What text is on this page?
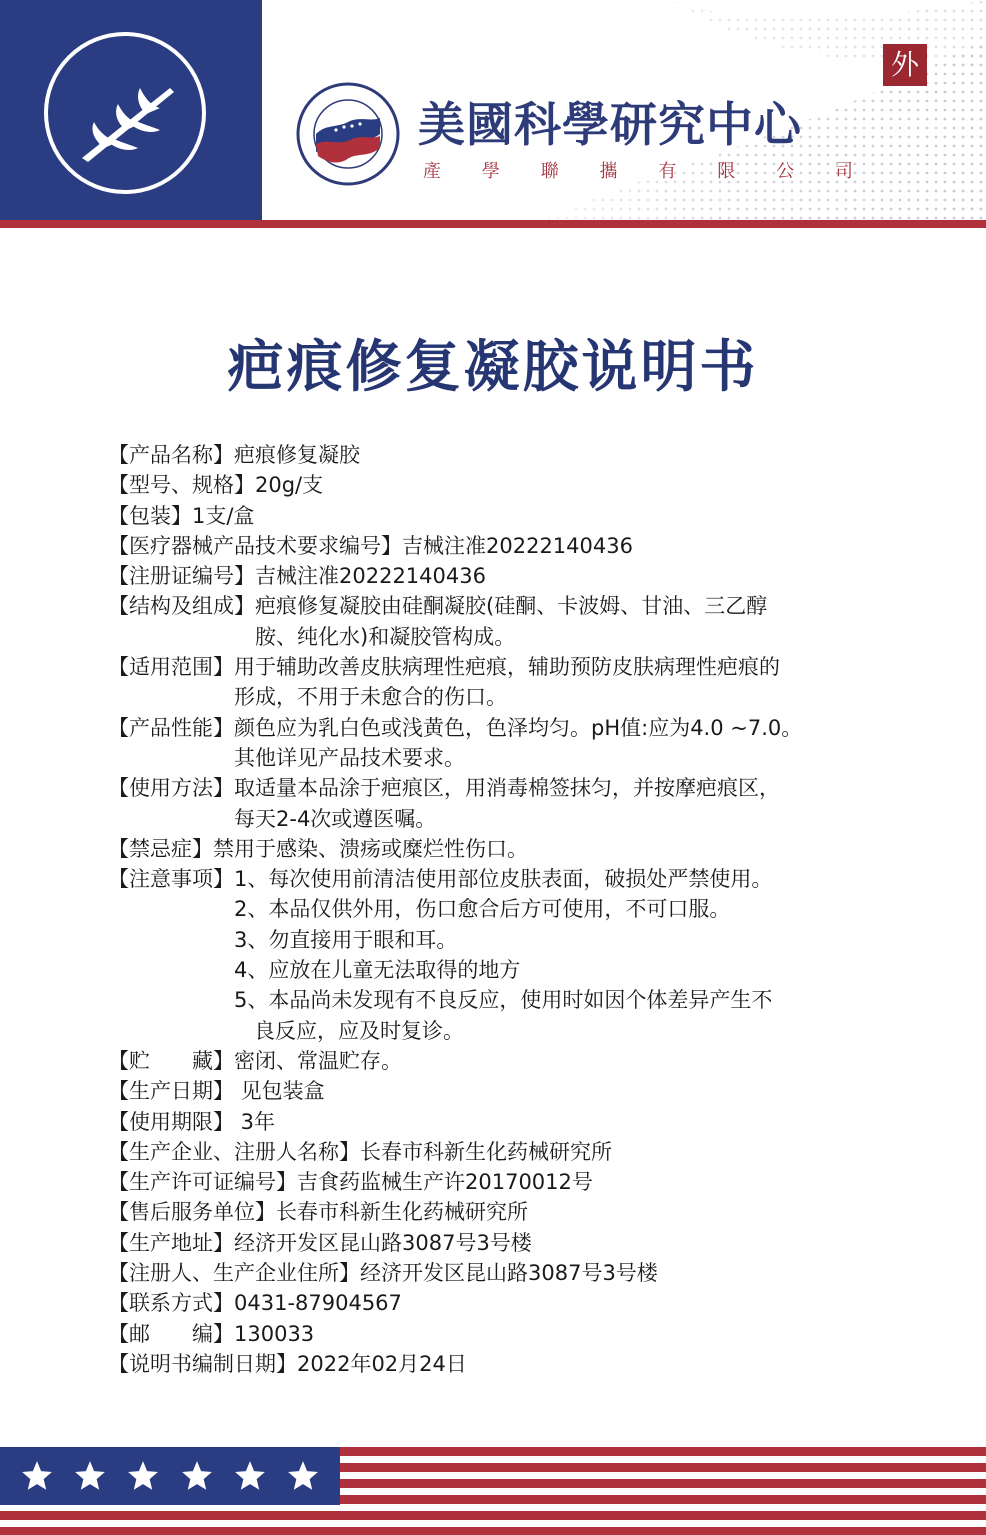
美國科學研究中心
產 學 聯 攜 有 限 公 司
外
疤痕修复凝胶说明书
【产品名称】疤痕修复凝胶
【型号、规格】20g/支
【包装】1支/盒
【医疗器械产品技术要求编号】吉械注准20222140436
【注册证编号】吉械注准20222140436
【结构及组成】疤痕修复凝胶由硅酮凝胶(硅酮、卡波姆、甘油、三乙醇
胺、纯化水)和凝胶管构成。
【适用范围】用于辅助改善皮肤病理性疤痕，辅助预防皮肤病理性疤痕的
形成，不用于未愈合的伤口。
【产品性能】颜色应为乳白色或浅黄色，色泽均匀。pH值:应为4.0 ~7.0。
其他详见产品技术要求。
【使用方法】取适量本品涂于疤痕区，用消毒棉签抹匀，并按摩疤痕区，
每天2-4次或遵医嘱。
【禁忌症】禁用于感染、溃疡或糜烂性伤口。
【注意事项】1、每次使用前清洁使用部位皮肤表面，破损处严禁使用。
2、本品仅供外用，伤口愈合后方可使用，不可口服。
3、勿直接用于眼和耳。
4、应放在儿童无法取得的地方
5、本品尚未发现有不良反应，使用时如因个体差异产生不
良反应，应及时复诊。
【贮　　藏】密闭、常温贮存。
【生产日期】 见包装盒
【使用期限】 3年
【生产企业、注册人名称】长春市科新生化药械研究所
【生产许可证编号】吉食药监械生产许20170012号
【售后服务单位】长春市科新生化药械研究所
【生产地址】经济开发区昆山路3087号3号楼
【注册人、生产企业住所】经济开发区昆山路3087号3号楼
【联系方式】0431-87904567
【邮　　编】130033
【说明书编制日期】2022年02月24日
